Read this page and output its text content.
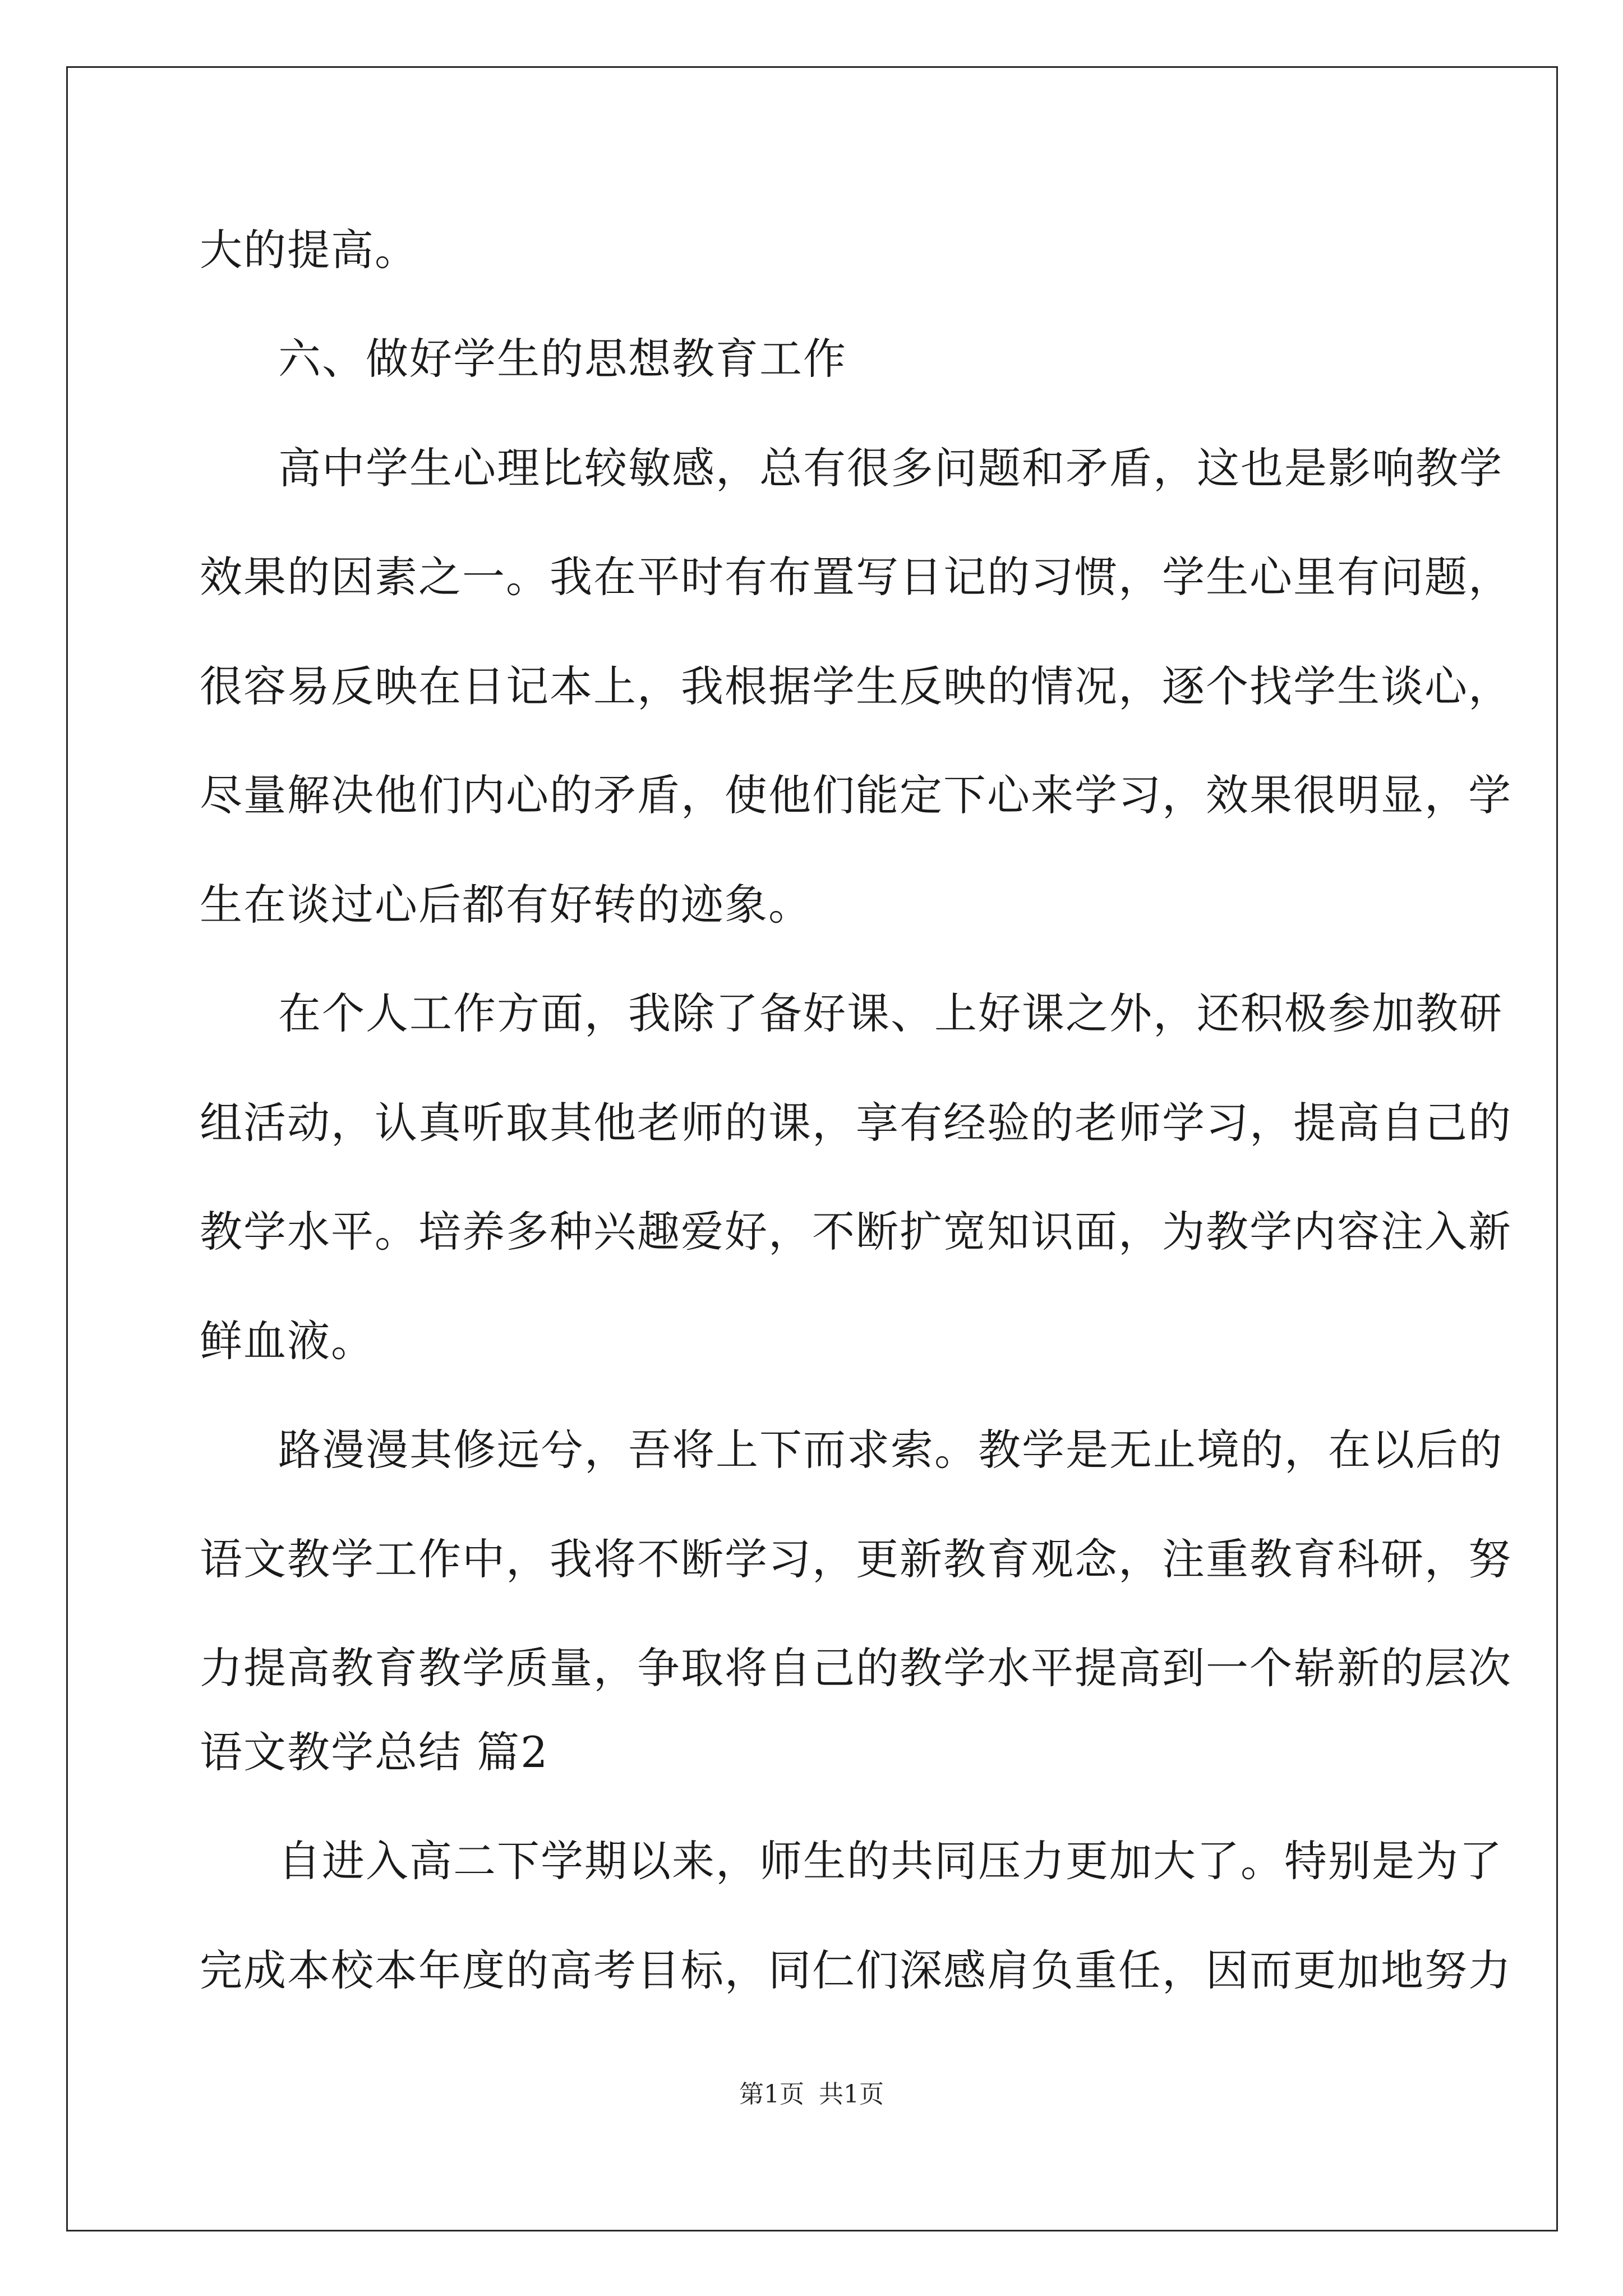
大的提高。
六、做好学生的思想教育工作
高中学生心理比较敏感，总有很多问题和矛盾，这也是影响教学
效果的因素之一。我在平时有布置写日记的习惯，学生心里有问题，
很容易反映在日记本上，我根据学生反映的情况，逐个找学生谈心，
尽量解决他们内心的矛盾，使他们能定下心来学习，效果很明显，学
生在谈过心后都有好转的迹象。
在个人工作方面，我除了备好课、上好课之外，还积极参加教研
组活动，认真听取其他老师的课，享有经验的老师学习，提高自己的
教学水平。培养多种兴趣爱好，不断扩宽知识面，为教学内容注入新
鲜血液。
路漫漫其修远兮，吾将上下而求索。教学是无止境的，在以后的
语文教学工作中，我将不断学习，更新教育观念，注重教育科研，努
力提高教育教学质量，争取将自己的教学水平提高到一个崭新的层次
语文教学总结 篇2
自进入高二下学期以来，师生的共同压力更加大了。特别是为了
完成本校本年度的高考目标，同仁们深感肩负重任，因而更加地努力
第1页 共1页
